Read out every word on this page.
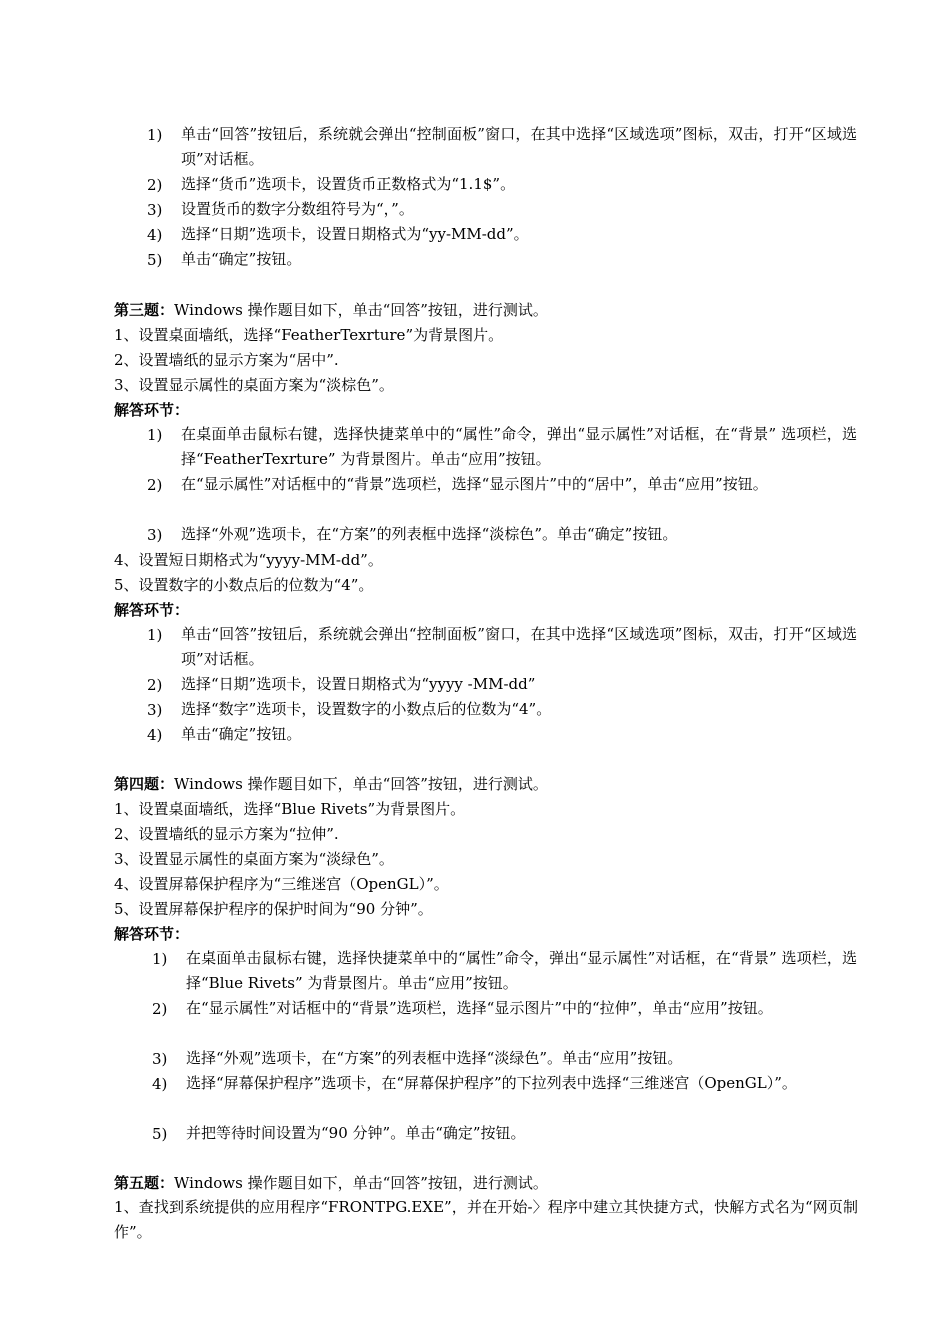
1) 单击“回答”按钮后，系统就会弹出“控制面板”窗口，在其中选择“区域选项”图标，双击，打开“区域选项”对话框。
2) 选择“货币”选项卡，设置货币正数格式为“1.1$”。
3) 设置货币的数字分数组符号为“，”。
4) 选择“日期”选项卡，设置日期格式为“yy-MM-dd”。
5) 单击“确定”按钮。
第三题：Windows 操作题目如下，单击“回答”按钮，进行测试。
1、设置桌面墙纸，选择“FeatherTexrture”为背景图片。
2、设置墙纸的显示方案为“居中”.
3、设置显示属性的桌面方案为“淡棕色”。
解答环节：
1) 在桌面单击鼠标右键，选择快捷菜单中的“属性”命令，弹出“显示属性”对话框，在“背景” 选项栏，选择“FeatherTexrture” 为背景图片。单击“应用”按钮。
2) 在“显示属性”对话框中的“背景”选项栏，选择“显示图片”中的“居中”，单击“应用”按钮。
3) 选择“外观”选项卡，在“方案”的列表框中选择“淡棕色”。单击“确定”按钮。
4、设置短日期格式为“yyyy-MM-dd”。
5、设置数字的小数点后的位数为“4”。
解答环节：
1) 单击“回答”按钮后，系统就会弹出“控制面板”窗口，在其中选择“区域选项”图标，双击，打开“区域选项”对话框。
2) 选择“日期”选项卡，设置日期格式为“yyyy -MM-dd”
3) 选择“数字”选项卡，设置数字的小数点后的位数为“4”。
4) 单击“确定”按钮。
第四题：Windows 操作题目如下，单击“回答”按钮，进行测试。
1、设置桌面墙纸，选择“Blue Rivets”为背景图片。
2、设置墙纸的显示方案为“拉伸”.
3、设置显示属性的桌面方案为“淡绿色”。
4、设置屏幕保护程序为“三维迷宫（OpenGL）”。
5、设置屏幕保护程序的保护时间为“90 分钟”。
解答环节：
1) 在桌面单击鼠标右键，选择快捷菜单中的“属性”命令，弹出“显示属性”对话框，在“背景” 选项栏，选择“Blue Rivets” 为背景图片。单击“应用”按钮。
2) 在“显示属性”对话框中的“背景”选项栏，选择“显示图片”中的“拉伸”，单击“应用”按钮。
3) 选择“外观”选项卡，在“方案”的列表框中选择“淡绿色”。单击“应用”按钮。
4) 选择“屏幕保护程序”选项卡，在“屏幕保护程序”的下拉列表中选择“三维迷宫（OpenGL）”。
5) 并把等待时间设置为“90 分钟”。单击“确定”按钮。
第五题：Windows 操作题目如下，单击“回答”按钮，进行测试。
1、查找到系统提供的应用程序“FRONTPG.EXE”，并在开始-〉程序中建立其快捷方式，快解方式名为“网页制作”。
